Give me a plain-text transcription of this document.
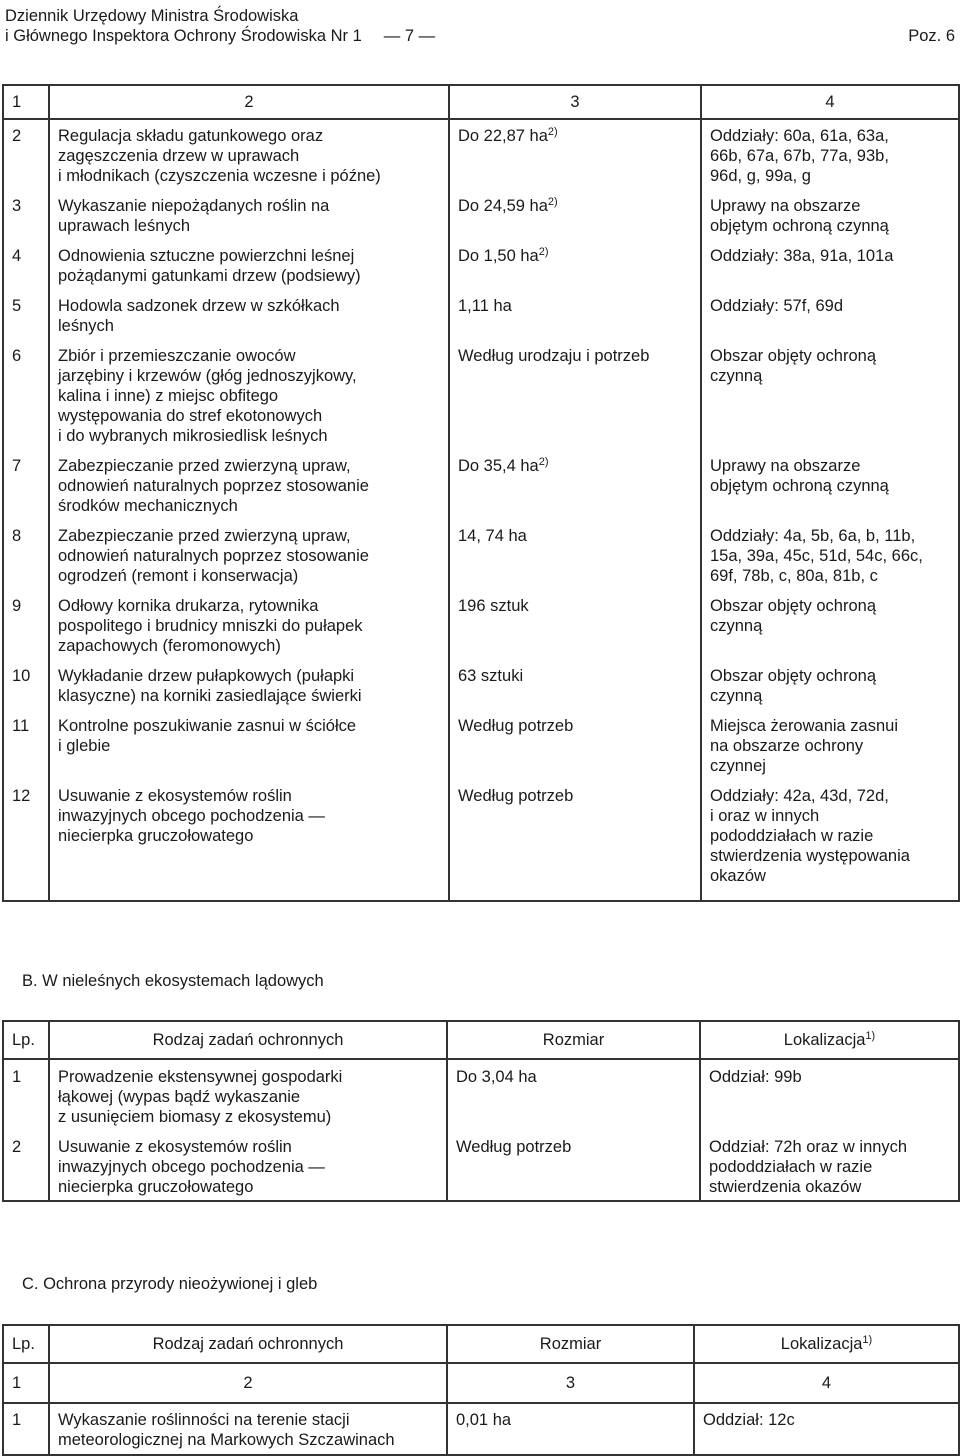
Dziennik Urzędowy Ministra Środowiska
i Głównego Inspektora Ochrony Środowiska Nr 1 — 7 —	Poz. 6
1	2	3	4
2	Regulacja składu gatunkowego oraz
zagęszczenia drzew w uprawach
i młodnikach (czyszczenia wczesne i późne)	Do 22,87 $ha^{2)}$	Oddziały: 60a, 61a, 63a,
66b, 67a, 67b, 77a, 93b,
96d, g, 99a, g
3	Wykaszanie niepożądanych roślin na
uprawach leśnych	Do 24,59 $ha^{2)}$	Uprawy na obszarze
objętym ochroną czynną
4	Odnowienia sztuczne powierzchni leśnej
pożądanymi gatunkami drzew (podsiewy)	Do 1,50 $ha^{2)}$	Oddziały: 38a, 91a, 101a
5	Hodowla sadzonek drzew w szkółkach
leśnych	1,11 ha	Oddziały: 57f, 69d
6	Zbiór i przemieszczanie owoców
jarzębiny i krzewów (głóg jednoszyjkowy,
kalina i inne) z miejsc obfitego
występowania do stref ekotonowych
i do wybranych mikrosiedlisk leśnych	Według urodzaju i potrzeb	Obszar objęty ochroną
czynną
7	Zabezpieczanie przed zwierzyną upraw,
odnowień naturalnych poprzez stosowanie
środków mechanicznych	Do 35,4 $ha^{2)}$	Uprawy na obszarze
objętym ochroną czynną
8	Zabezpieczanie przed zwierzyną upraw,
odnowień naturalnych poprzez stosowanie
ogrodzeń (remont i konserwacja)	14, 74 ha	Oddziały: 4a, 5b, 6a, b, 11b,
15a, 39a, 45c, 51d, 54c, 66c,
69f, 78b, c, 80a, 81b, c
9	Odłowy kornika drukarza, rytownika
pospolitego i brudnicy mniszki do pułapek
zapachowych (feromonowych)	196 sztuk	Obszar objęty ochroną
czynną
10	Wykładanie drzew pułapkowych (pułapki
klasyczne) na korniki zasiedlające świerki	63 sztuki	Obszar objęty ochroną
czynną
11	Kontrolne poszukiwanie zasnui w ściółce
i glebie	Według potrzeb	Miejsca żerowania zasnui
na obszarze ochrony
czynnej
12	Usuwanie z ekosystemów roślin
inwazyjnych obcego pochodzenia —
niecierpka gruczołowatego	Według potrzeb	Oddziały: 42a, 43d, 72d,
i oraz w innych
pododdziałach w razie
stwierdzenia występowania
okazów
B. W nieleśnych ekosystemach lądowych
Lp.	Rodzaj zadań ochronnych	Rozmiar	Lokalizacja$^{1)}$
1	Prowadzenie ekstensywnej gospodarki
łąkowej (wypas bądź wykaszanie
z usunięciem biomasy z ekosystemu)	Do 3,04 ha	Oddział: 99b
2	Usuwanie z ekosystemów roślin
inwazyjnych obcego pochodzenia —
niecierpka gruczołowatego	Według potrzeb	Oddział: 72h oraz w innych
pododdziałach w razie
stwierdzenia okazów
C. Ochrona przyrody nieożywionej i gleb
Lp.	Rodzaj zadań ochronnych	Rozmiar	Lokalizacja$^{1)}$
1	2	3	4
1	Wykaszanie roślinności na terenie stacji
meteorologicznej na Markowych Szczawinach	0,01 ha	Oddział: 12c
